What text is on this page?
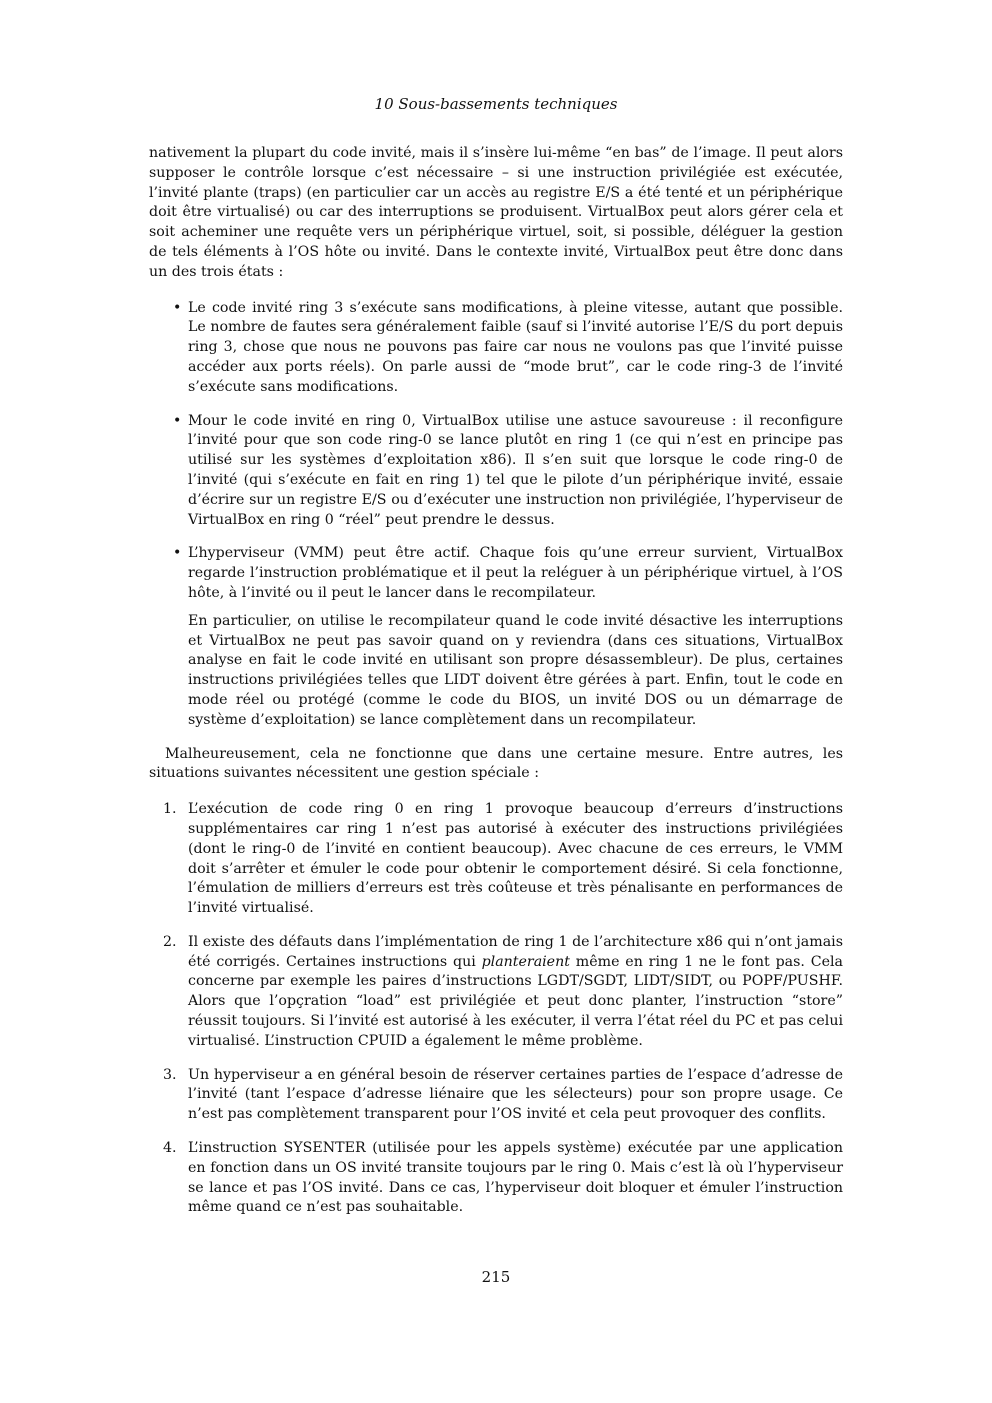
10 Sous-bassements techniques

nativement la plupart du code invité, mais il s’insère lui-même “en bas” de l’image. Il peut alors supposer le contrôle lorsque c’est nécessaire – si une instruction privilégiée est exécutée, l’invité plante (traps) (en particulier car un accès au registre E/S a été tenté et un périphérique doit être virtualisé) ou car des interruptions se produisent. VirtualBox peut alors gérer cela et soit acheminer une requête vers un périphérique virtuel, soit, si possible, déléguer la gestion de tels éléments à l’OS hôte ou invité. Dans le contexte invité, VirtualBox peut être donc dans un des trois états :

• Le code invité ring 3 s’exécute sans modifications, à pleine vitesse, autant que possible. Le nombre de fautes sera généralement faible (sauf si l’invité autorise l’E/S du port depuis ring 3, chose que nous ne pouvons pas faire car nous ne voulons pas que l’invité puisse accéder aux ports réels). On parle aussi de “mode brut”, car le code ring-3 de l’invité s’exécute sans modifications.

• Mour le code invité en ring 0, VirtualBox utilise une astuce savoureuse : il reconfigure l’invité pour que son code ring-0 se lance plutôt en ring 1 (ce qui n’est en principe pas utilisé sur les systèmes d’exploitation x86). Il s’en suit que lorsque le code ring-0 de l’invité (qui s’exécute en fait en ring 1) tel que le pilote d’un périphérique invité, essaie d’écrire sur un registre E/S ou d’exécuter une instruction non privilégiée, l’hyperviseur de VirtualBox en ring 0 “réel” peut prendre le dessus.

• L’hyperviseur (VMM) peut être actif. Chaque fois qu’une erreur survient, VirtualBox regarde l’instruction problématique et il peut la reléguer à un périphérique virtuel, à l’OS hôte, à l’invité ou il peut le lancer dans le recompilateur.

En particulier, on utilise le recompilateur quand le code invité désactive les interruptions et VirtualBox ne peut pas savoir quand on y reviendra (dans ces situations, VirtualBox analyse en fait le code invité en utilisant son propre désassembleur). De plus, certaines instructions privilégiées telles que LIDT doivent être gérées à part. Enfin, tout le code en mode réel ou protégé (comme le code du BIOS, un invité DOS ou un démarrage de système d’exploitation) se lance complètement dans un recompilateur.

Malheureusement, cela ne fonctionne que dans une certaine mesure. Entre autres, les situations suivantes nécessitent une gestion spéciale :

1. L’exécution de code ring 0 en ring 1 provoque beaucoup d’erreurs d’instructions supplémentaires car ring 1 n’est pas autorisé à exécuter des instructions privilégiées (dont le ring-0 de l’invité en contient beaucoup). Avec chacune de ces erreurs, le VMM doit s’arrêter et émuler le code pour obtenir le comportement désiré. Si cela fonctionne, l’émulation de milliers d’erreurs est très coûteuse et très pénalisante en performances de l’invité virtualisé.

2. Il existe des défauts dans l’implémentation de ring 1 de l’architecture x86 qui n’ont jamais été corrigés. Certaines instructions qui planteraient même en ring 1 ne le font pas. Cela concerne par exemple les paires d’instructions LGDT/SGDT, LIDT/SIDT, ou POPF/PUSHF. Alors que l’opçration “load” est privilégiée et peut donc planter, l’instruction “store” réussit toujours. Si l’invité est autorisé à les exécuter, il verra l’état réel du PC et pas celui virtualisé. L’instruction CPUID a également le même problème.

3. Un hyperviseur a en général besoin de réserver certaines parties de l’espace d’adresse de l’invité (tant l’espace d’adresse liénaire que les sélecteurs) pour son propre usage. Ce n’est pas complètement transparent pour l’OS invité et cela peut provoquer des conflits.

4. L’instruction SYSENTER (utilisée pour les appels système) exécutée par une application en fonction dans un OS invité transite toujours par le ring 0. Mais c’est là où l’hyperviseur se lance et pas l’OS invité. Dans ce cas, l’hyperviseur doit bloquer et émuler l’instruction même quand ce n’est pas souhaitable.

215
